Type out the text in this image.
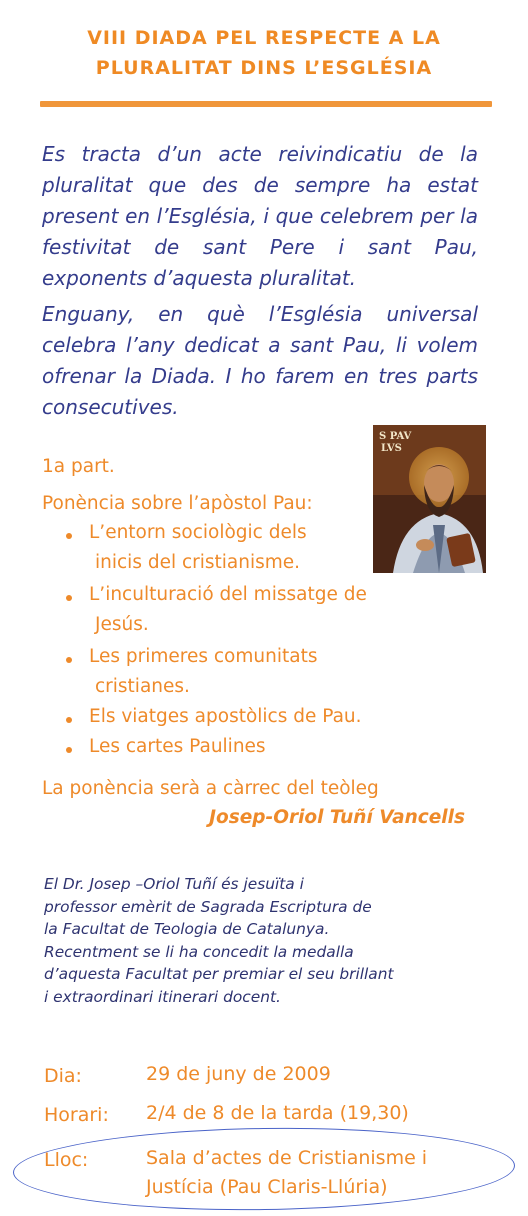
VIII DIADA PEL RESPECTE A LA
PLURALITAT DINS L’ESGLÉSIA
Es tracta d’un acte reivindicatiu de la pluralitat que des de sempre ha estat present en l’Església, i que celebrem per la festivitat de sant Pere i sant Pau, exponents d’aquesta pluralitat.
Enguany, en què l’Església universal celebra l’any dedicat a sant Pau, li volem ofrenar la Diada. I ho farem en tres parts consecutives.
1a part.
Ponència sobre l’apòstol Pau:
S PAV
LVS
L’entorn sociològic dels
inicis del cristianisme.
L’inculturació del missatge de
Jesús.
Les primeres comunitats
cristianes.
Els viatges apostòlics de Pau.
Les cartes Paulines
La ponència serà a càrrec del teòleg
Josep-Oriol Tuñí Vancells
El Dr. Josep –Oriol Tuñí és jesuïta i
professor emèrit de Sagrada Escriptura de
la Facultat de Teologia de Catalunya.
Recentment se li ha concedit la medalla
d’aquesta Facultat per premiar el seu brillant
i extraordinari itinerari docent.
Dia:	29 de juny de 2009
Horari: 2/4 de 8 de la tarda (19,30)
Lloc:	Sala d’actes de Cristianisme i
Justícia (Pau Claris-Llúria)
